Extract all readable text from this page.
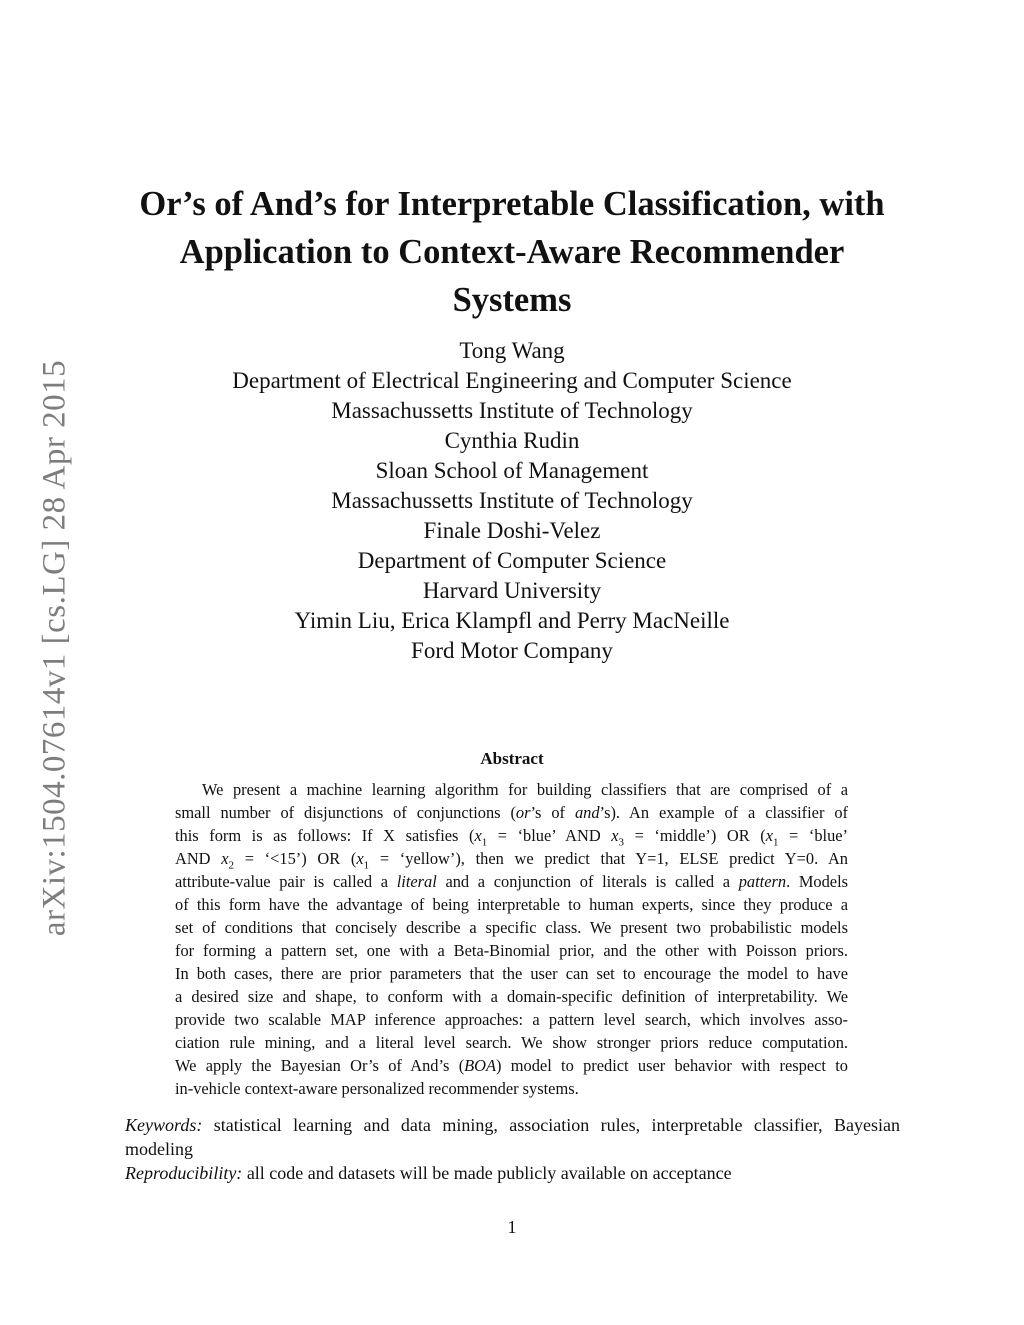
arXiv:1504.07614v1 [cs.LG] 28 Apr 2015
Or’s of And’s for Interpretable Classification, with
Application to Context-Aware Recommender
Systems
Tong Wang
Department of Electrical Engineering and Computer Science
Massachussetts Institute of Technology
Cynthia Rudin
Sloan School of Management
Massachussetts Institute of Technology
Finale Doshi-Velez
Department of Computer Science
Harvard University
Yimin Liu, Erica Klampfl and Perry MacNeille
Ford Motor Company
Abstract
We present a machine learning algorithm for building classifiers that are comprised of a
small number of disjunctions of conjunctions (or’s of and’s). An example of a classifier of
this form is as follows: If X satisfies ($x_1$ = ‘blue’ AND $x_3$ = ‘middle’) OR ($x_1$ = ‘blue’
AND $x_2$ = ‘<15’) OR ($x_1$ = ‘yellow’), then we predict that Y=1, ELSE predict Y=0. An
attribute-value pair is called a literal and a conjunction of literals is called a pattern. Models
of this form have the advantage of being interpretable to human experts, since they produce a
set of conditions that concisely describe a specific class. We present two probabilistic models
for forming a pattern set, one with a Beta-Binomial prior, and the other with Poisson priors.
In both cases, there are prior parameters that the user can set to encourage the model to have
a desired size and shape, to conform with a domain-specific definition of interpretability. We
provide two scalable MAP inference approaches: a pattern level search, which involves asso-
ciation rule mining, and a literal level search. We show stronger priors reduce computation.
We apply the Bayesian Or’s of And’s (BOA) model to predict user behavior with respect to
in-vehicle context-aware personalized recommender systems.
Keywords: statistical learning and data mining, association rules, interpretable classifier, Bayesian
modeling
Reproducibility: all code and datasets will be made publicly available on acceptance
1
